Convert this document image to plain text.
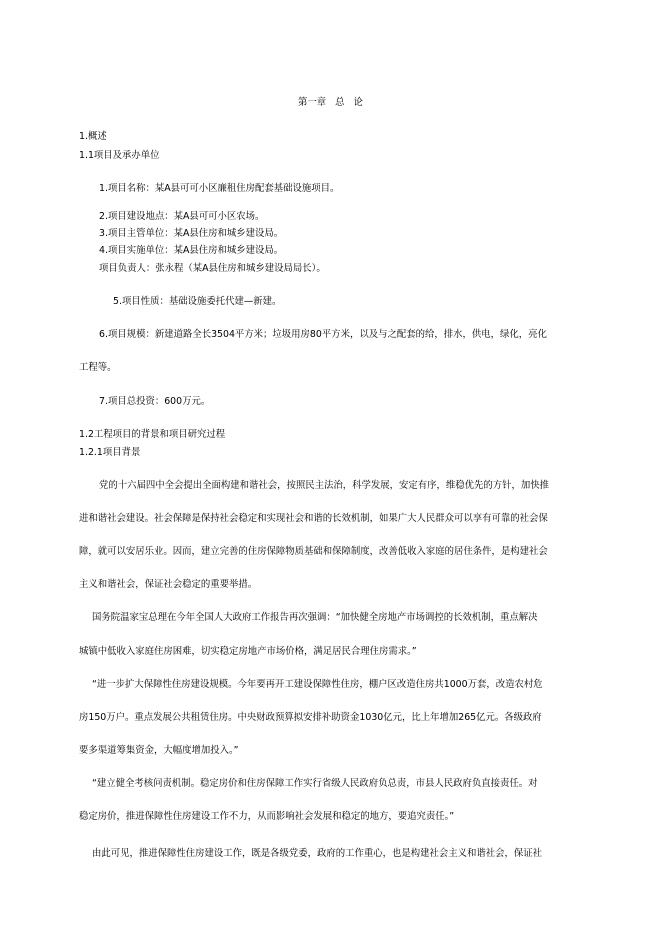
第一章 总 论
1.概述
1.1项目及承办单位
1.项目名称：某A县可可小区廉租住房配套基础设施项目。
2.项目建设地点：某A县可可小区农场。
3.项目主管单位：某A县住房和城乡建设局。
4.项目实施单位：某A县住房和城乡建设局。
项目负责人：张永程（某A县住房和城乡建设局局长）。
5.项目性质：基础设施委托代建—新建。
6.项目规模：新建道路全长3504平方米；垃圾用房80平方米，以及与之配套的给，排水，供电，绿化，亮化
工程等。
7.项目总投资：600万元。
1.2工程项目的背景和项目研究过程
1.2.1项目背景
党的十六届四中全会提出全面构建和谐社会，按照民主法治，科学发展，安定有序，维稳优先的方针，加快推
进和谐社会建设。社会保障是保持社会稳定和实现社会和谐的长效机制，如果广大人民群众可以享有可靠的社会保
障，就可以安居乐业。因而，建立完善的住房保障物质基础和保障制度，改善低收入家庭的居住条件，是构建社会
主义和谐社会，保证社会稳定的重要举措。
国务院温家宝总理在今年全国人大政府工作报告再次强调：“加快健全房地产市场调控的长效机制，重点解决
城镇中低收入家庭住房困难，切实稳定房地产市场价格，满足居民合理住房需求。”
“进一步扩大保障性住房建设规模。今年要再开工建设保障性住房，棚户区改造住房共1000万套，改造农村危
房150万户。重点发展公共租赁住房。中央财政预算拟安排补助资金1030亿元，比上年增加265亿元。各级政府
要多渠道筹集资金，大幅度增加投入。”
“建立健全考核问责机制。稳定房价和住房保障工作实行省级人民政府负总责，市县人民政府负直接责任。对
稳定房价，推进保障性住房建设工作不力，从而影响社会发展和稳定的地方，要追究责任。”
由此可见，推进保障性住房建设工作，既是各级党委，政府的工作重心，也是构建社会主义和谐社会，保证社
